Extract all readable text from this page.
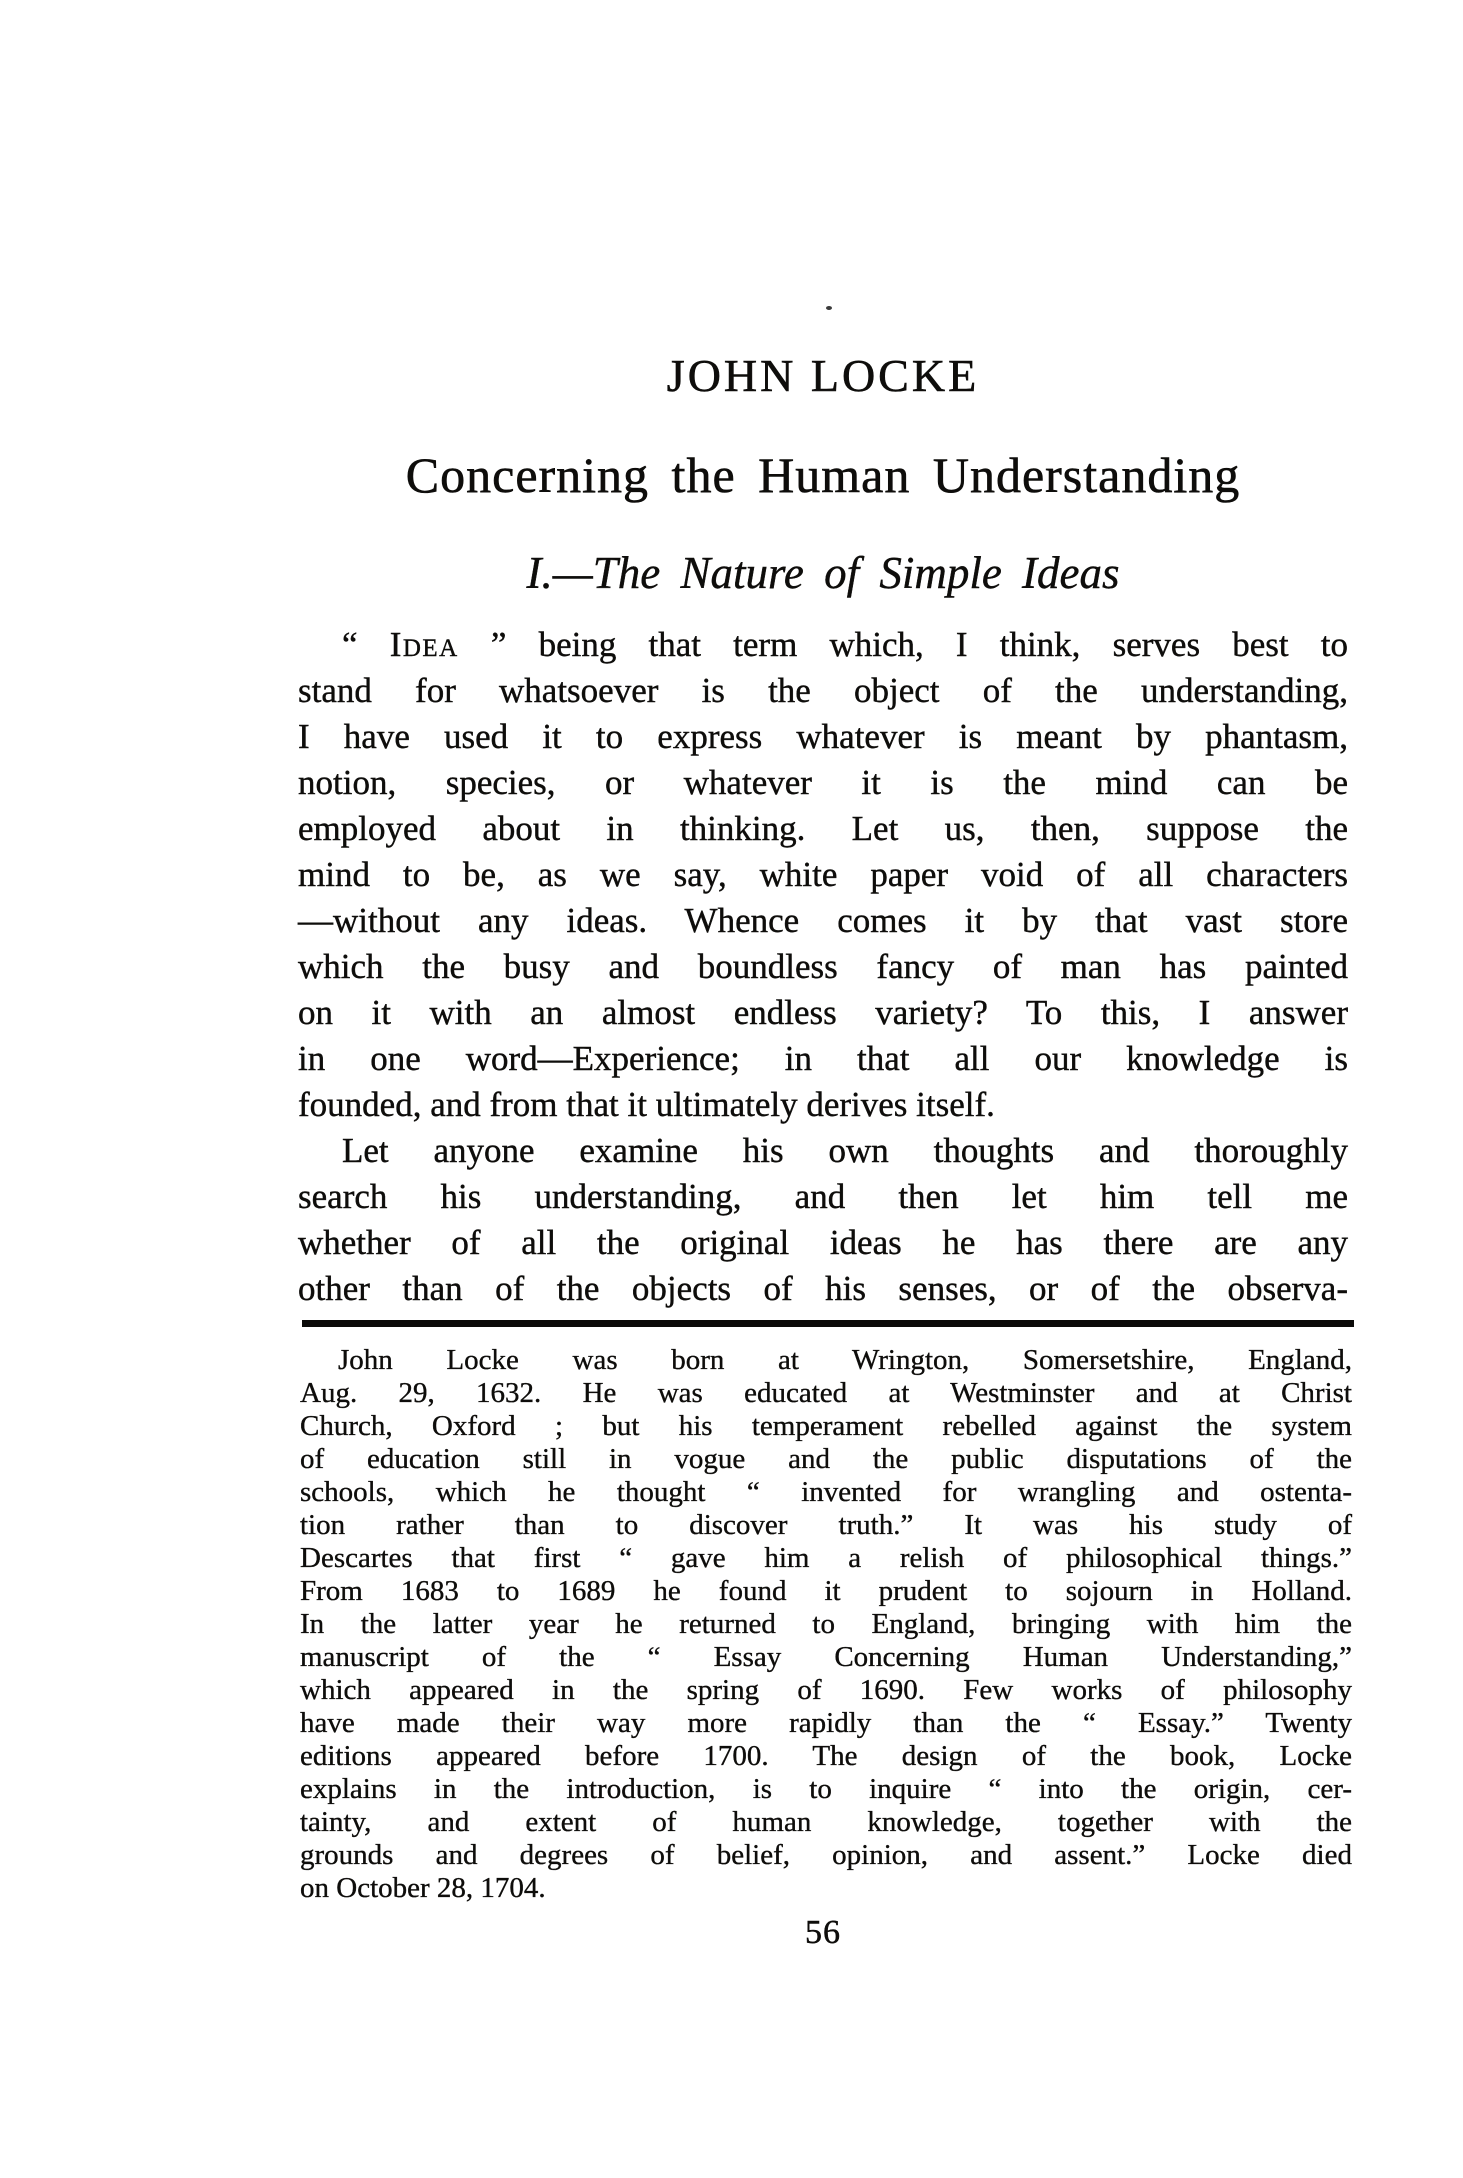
JOHN LOCKE
Concerning the Human Understanding
I.—The Nature of Simple Ideas
“ Idea ” being that term which, I think, serves best to
stand for whatsoever is the object of the understanding,
I have used it to express whatever is meant by phantasm,
notion, species, or whatever it is the mind can be
employed about in thinking. Let us, then, suppose the
mind to be, as we say, white paper void of all characters
—without any ideas. Whence comes it by that vast store
which the busy and boundless fancy of man has painted
on it with an almost endless variety? To this, I answer
in one word—Experience; in that all our knowledge is
founded, and from that it ultimately derives itself.
Let anyone examine his own thoughts and thoroughly
search his understanding, and then let him tell me
whether of all the original ideas he has there are any
other than of the objects of his senses, or of the observa-
John Locke was born at Wrington, Somersetshire, England,
Aug. 29, 1632. He was educated at Westminster and at Christ
Church, Oxford ; but his temperament rebelled against the system
of education still in vogue and the public disputations of the
schools, which he thought “ invented for wrangling and ostenta-
tion rather than to discover truth.” It was his study of
Descartes that first “ gave him a relish of philosophical things.”
From 1683 to 1689 he found it prudent to sojourn in Holland.
In the latter year he returned to England, bringing with him the
manuscript of the “ Essay Concerning Human Understanding,”
which appeared in the spring of 1690. Few works of philosophy
have made their way more rapidly than the “ Essay.” Twenty
editions appeared before 1700. The design of the book, Locke
explains in the introduction, is to inquire “ into the origin, cer-
tainty, and extent of human knowledge, together with the
grounds and degrees of belief, opinion, and assent.” Locke died
on October 28, 1704.
56
